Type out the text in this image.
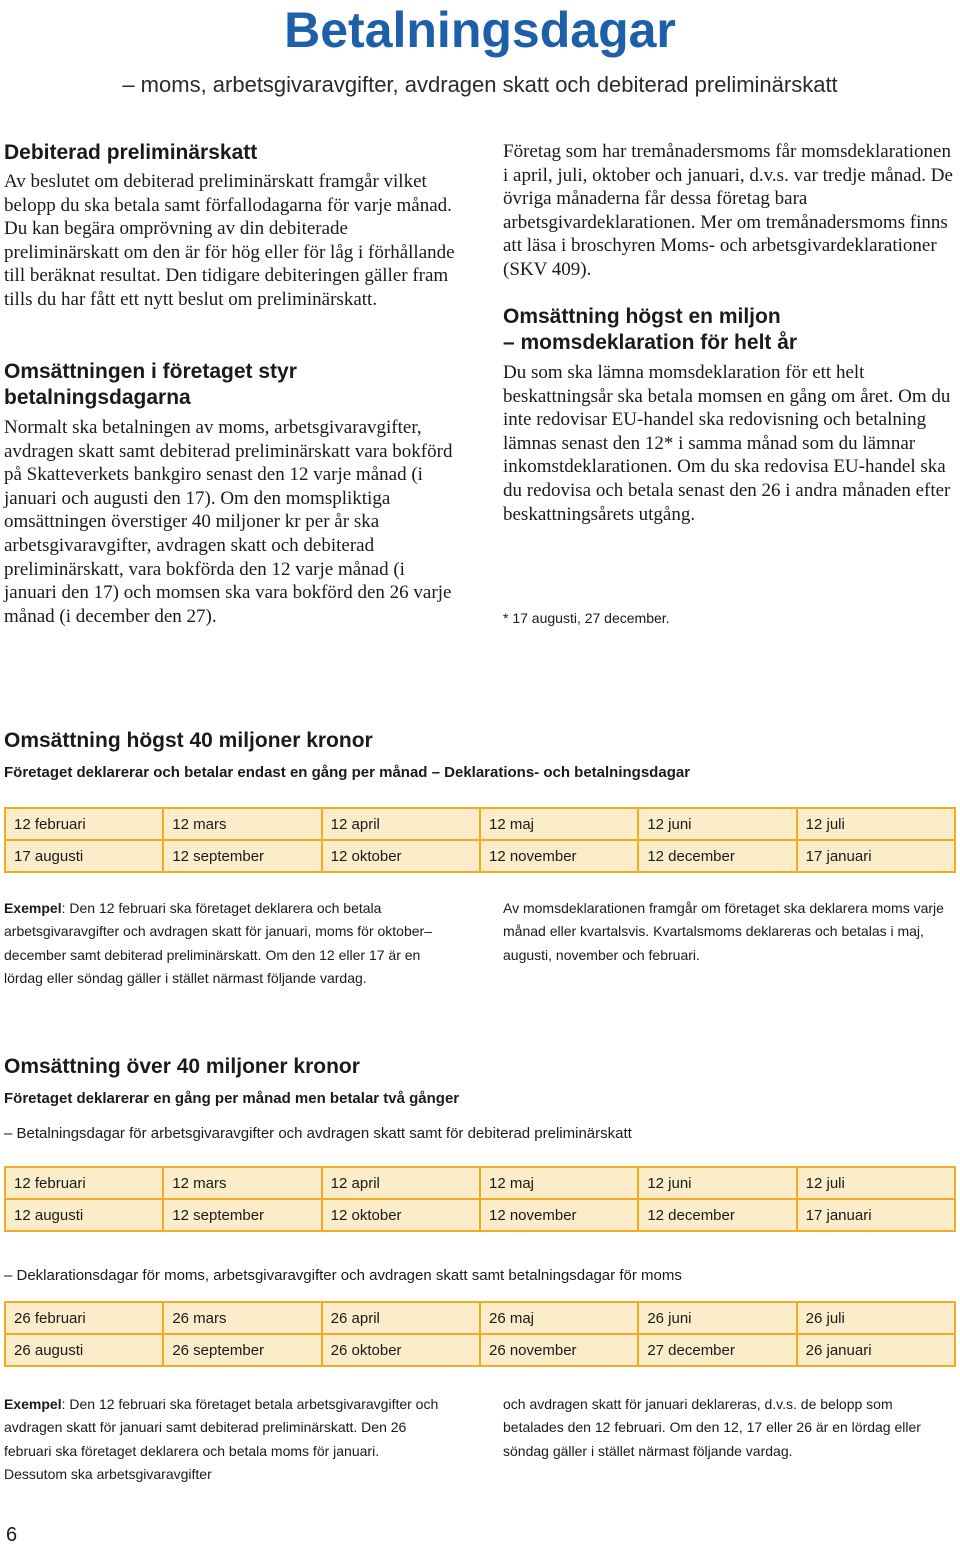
Betalningsdagar
– moms, arbetsgivaravgifter, avdragen skatt och debiterad preliminärskatt
Debiterad preliminärskatt
Av beslutet om debiterad preliminärskatt framgår vilket belopp du ska betala samt förfallodagarna för varje månad. Du kan begära omprövning av din debiterade preliminärskatt om den är för hög eller för låg i förhållande till beräknat resultat. Den tidigare debiteringen gäller fram tills du har fått ett nytt beslut om preliminärskatt.
Omsättningen i företaget styr
betalningsdagarna
Normalt ska betalningen av moms, arbetsgivaravgifter, avdragen skatt samt debiterad preliminärskatt vara bokförd på Skatteverkets bankgiro senast den 12 varje månad (i januari och augusti den 17). Om den momspliktiga omsättningen överstiger 40 miljoner kr per år ska arbetsgivaravgifter, avdragen skatt och debiterad preliminärskatt, vara bokförda den 12 varje månad (i januari den 17) och momsen ska vara bokförd den 26 varje månad (i december den 27).
Företag som har tremånadersmoms får momsdeklarationen i april, juli, oktober och januari, d.v.s. var tredje månad. De övriga månaderna får dessa företag bara arbetsgivardeklarationen. Mer om tremånadersmoms finns att läsa i broschyren Moms- och arbetsgivardeklarationer (SKV 409).
Omsättning högst en miljon
– momsdeklaration för helt år
Du som ska lämna momsdeklaration för ett helt beskattningsår ska betala momsen en gång om året. Om du inte redovisar EU-handel ska redovisning och betalning lämnas senast den 12* i samma månad som du lämnar inkomstdeklarationen. Om du ska redovisa EU-handel ska du redovisa och betala senast den 26 i andra månaden efter beskattningsårets utgång.
* 17 augusti, 27 december.
Omsättning högst 40 miljoner kronor
Företaget deklarerar och betalar endast en gång per månad – Deklarations- och betalningsdagar
12 februari	12 mars	12 april	12 maj	12 juni	12 juli
17 augusti	12 september	12 oktober	12 november	12 december	17 januari
Exempel: Den 12 februari ska företaget deklarera och betala arbetsgivaravgifter och avdragen skatt för januari, moms för oktober– december samt debiterad preliminärskatt. Om den 12 eller 17 är en lördag eller söndag gäller i stället närmast följande vardag.
Av momsdeklarationen framgår om företaget ska deklarera moms varje månad eller kvartalsvis. Kvartalsmoms deklareras och betalas i maj, augusti, november och februari.
Omsättning över 40 miljoner kronor
Företaget deklarerar en gång per månad men betalar två gånger
– Betalningsdagar för arbetsgivaravgifter och avdragen skatt samt för debiterad preliminärskatt
12 februari	12 mars	12 april	12 maj	12 juni	12 juli
12 augusti	12 september	12 oktober	12 november	12 december	17 januari
– Deklarationsdagar för moms, arbetsgivaravgifter och avdragen skatt samt betalningsdagar för moms
26 februari	26 mars	26 april	26 maj	26 juni	26 juli
26 augusti	26 september	26 oktober	26 november	27 december	26 januari
Exempel: Den 12 februari ska företaget betala arbetsgivaravgifter och avdragen skatt för januari samt debiterad preliminärskatt. Den 26 februari ska företaget deklarera och betala moms för januari. Dessutom ska arbetsgivaravgifter
och avdragen skatt för januari deklareras, d.v.s. de belopp som betalades den 12 februari. Om den 12, 17 eller 26 är en lördag eller söndag gäller i stället närmast följande vardag.
6
